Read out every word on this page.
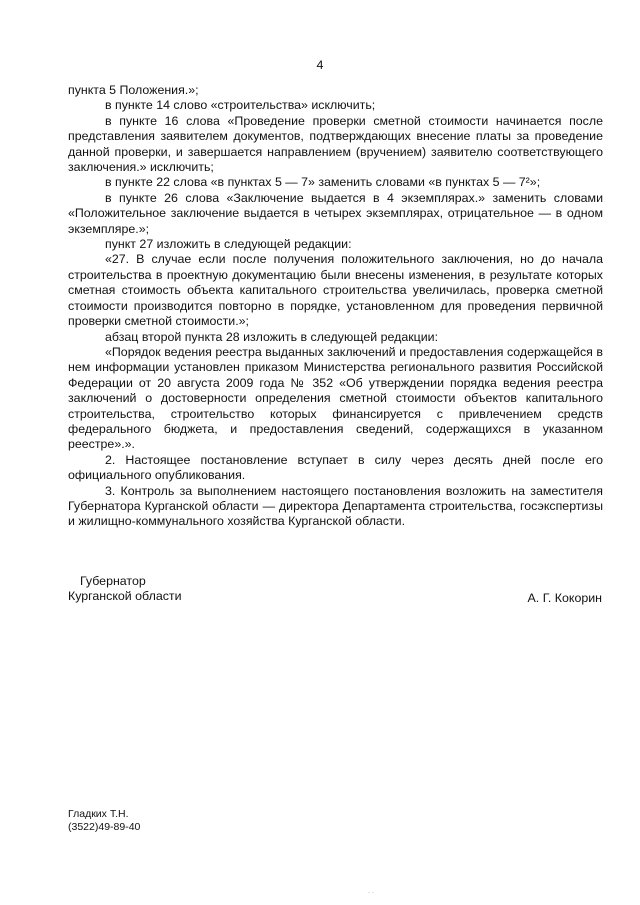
4

пункта 5 Положения.»;

в пункте 14 слово «строительства» исключить;

в пункте 16 слова «Проведение проверки сметной стоимости начинается после представления заявителем документов, подтверждающих внесение платы за проведение данной проверки, и завершается направлением (вручением) заявителю соответствующего заключения.» исключить;

в пункте 22 слова «в пунктах 5 — 7» заменить словами «в пунктах 5 — 7²»;

в пункте 26 слова «Заключение выдается в 4 экземплярах.» заменить словами «Положительное заключение выдается в четырех экземплярах, отрицательное — в одном экземпляре.»;

пункт 27 изложить в следующей редакции:

«27. В случае если после получения положительного заключения, но до начала строительства в проектную документацию были внесены изменения, в результате которых сметная стоимость объекта капитального строительства увеличилась, проверка сметной стоимости производится повторно в порядке, установленном для проведения первичной проверки сметной стоимости.»;

абзац второй пункта 28 изложить в следующей редакции:

«Порядок ведения реестра выданных заключений и предоставления содержащейся в нем информации установлен приказом Министерства регионального развития Российской Федерации от 20 августа 2009 года № 352 «Об утверждении порядка ведения реестра заключений о достоверности определения сметной стоимости объектов капитального строительства, строительство которых финансируется с привлечением средств федерального бюджета, и предоставления сведений, содержащихся в указанном реестре».».

2. Настоящее постановление вступает в силу через десять дней после его официального опубликования.

3. Контроль за выполнением настоящего постановления возложить на заместителя Губернатора Курганской области — директора Департамента строительства, госэкспертизы и жилищно-коммунального хозяйства Курганской области.

Губернатор
Курганской области	А. Г. Кокорин
Гладких Т.Н.
(3522)49-89-40
. .
